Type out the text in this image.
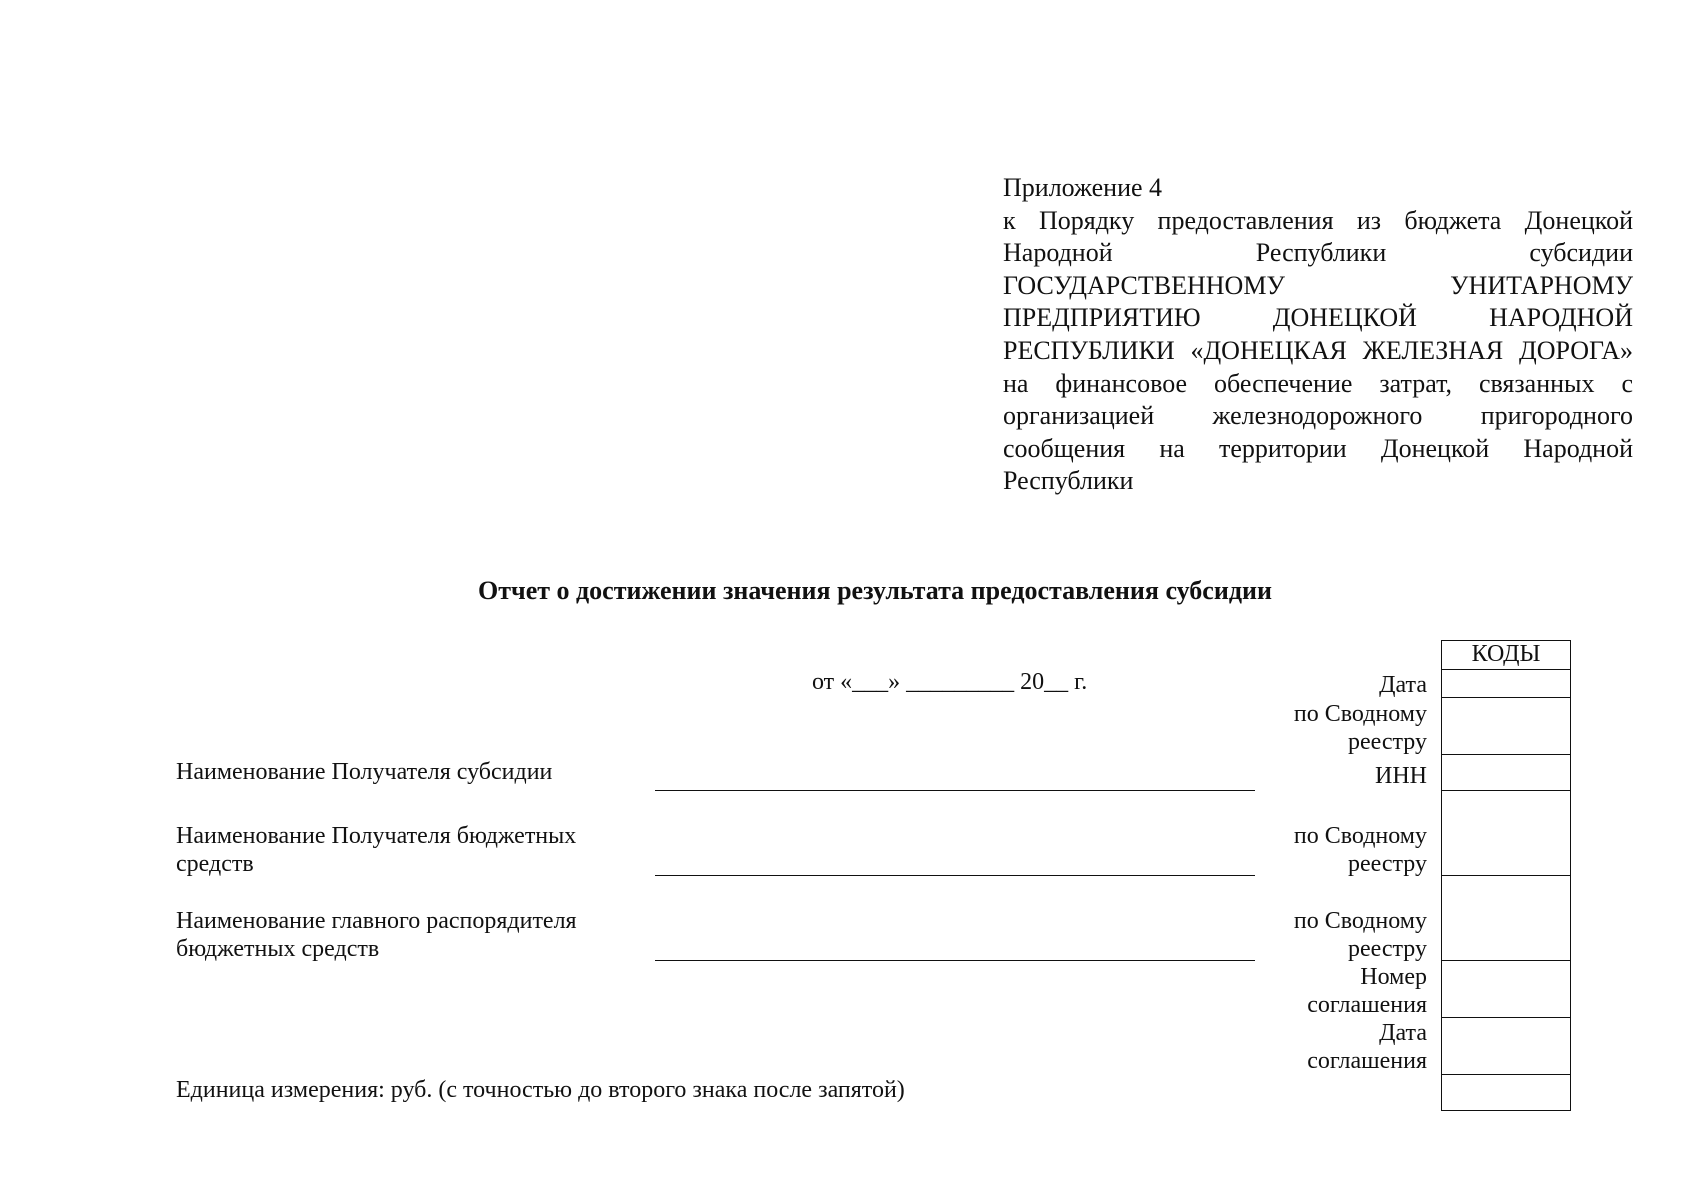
Приложение 4
к Порядку предоставления из бюджета Донецкой Народной Республики субсидии ГОСУДАРСТВЕННОМУ УНИТАРНОМУ ПРЕДПРИЯТИЮ ДОНЕЦКОЙ НАРОДНОЙ РЕСПУБЛИКИ «ДОНЕЦКАЯ ЖЕЛЕЗНАЯ ДОРОГА» на финансовое обеспечение затрат, связанных с организацией железнодорожного пригородного сообщения на территории Донецкой Народной Республики
Отчет о достижении значения результата предоставления субсидии
от «___» _________ 20__ г.
Наименование Получателя субсидии
Наименование Получателя бюджетных
средств
Наименование главного распорядителя
бюджетных средств
Единица измерения: руб. (с точностью до второго знака после запятой)
Дата
по Сводному
реестру
ИНН
по Сводному
реестру
по Сводному
реестру
Номер
соглашения
Дата
соглашения
КОДЫ
